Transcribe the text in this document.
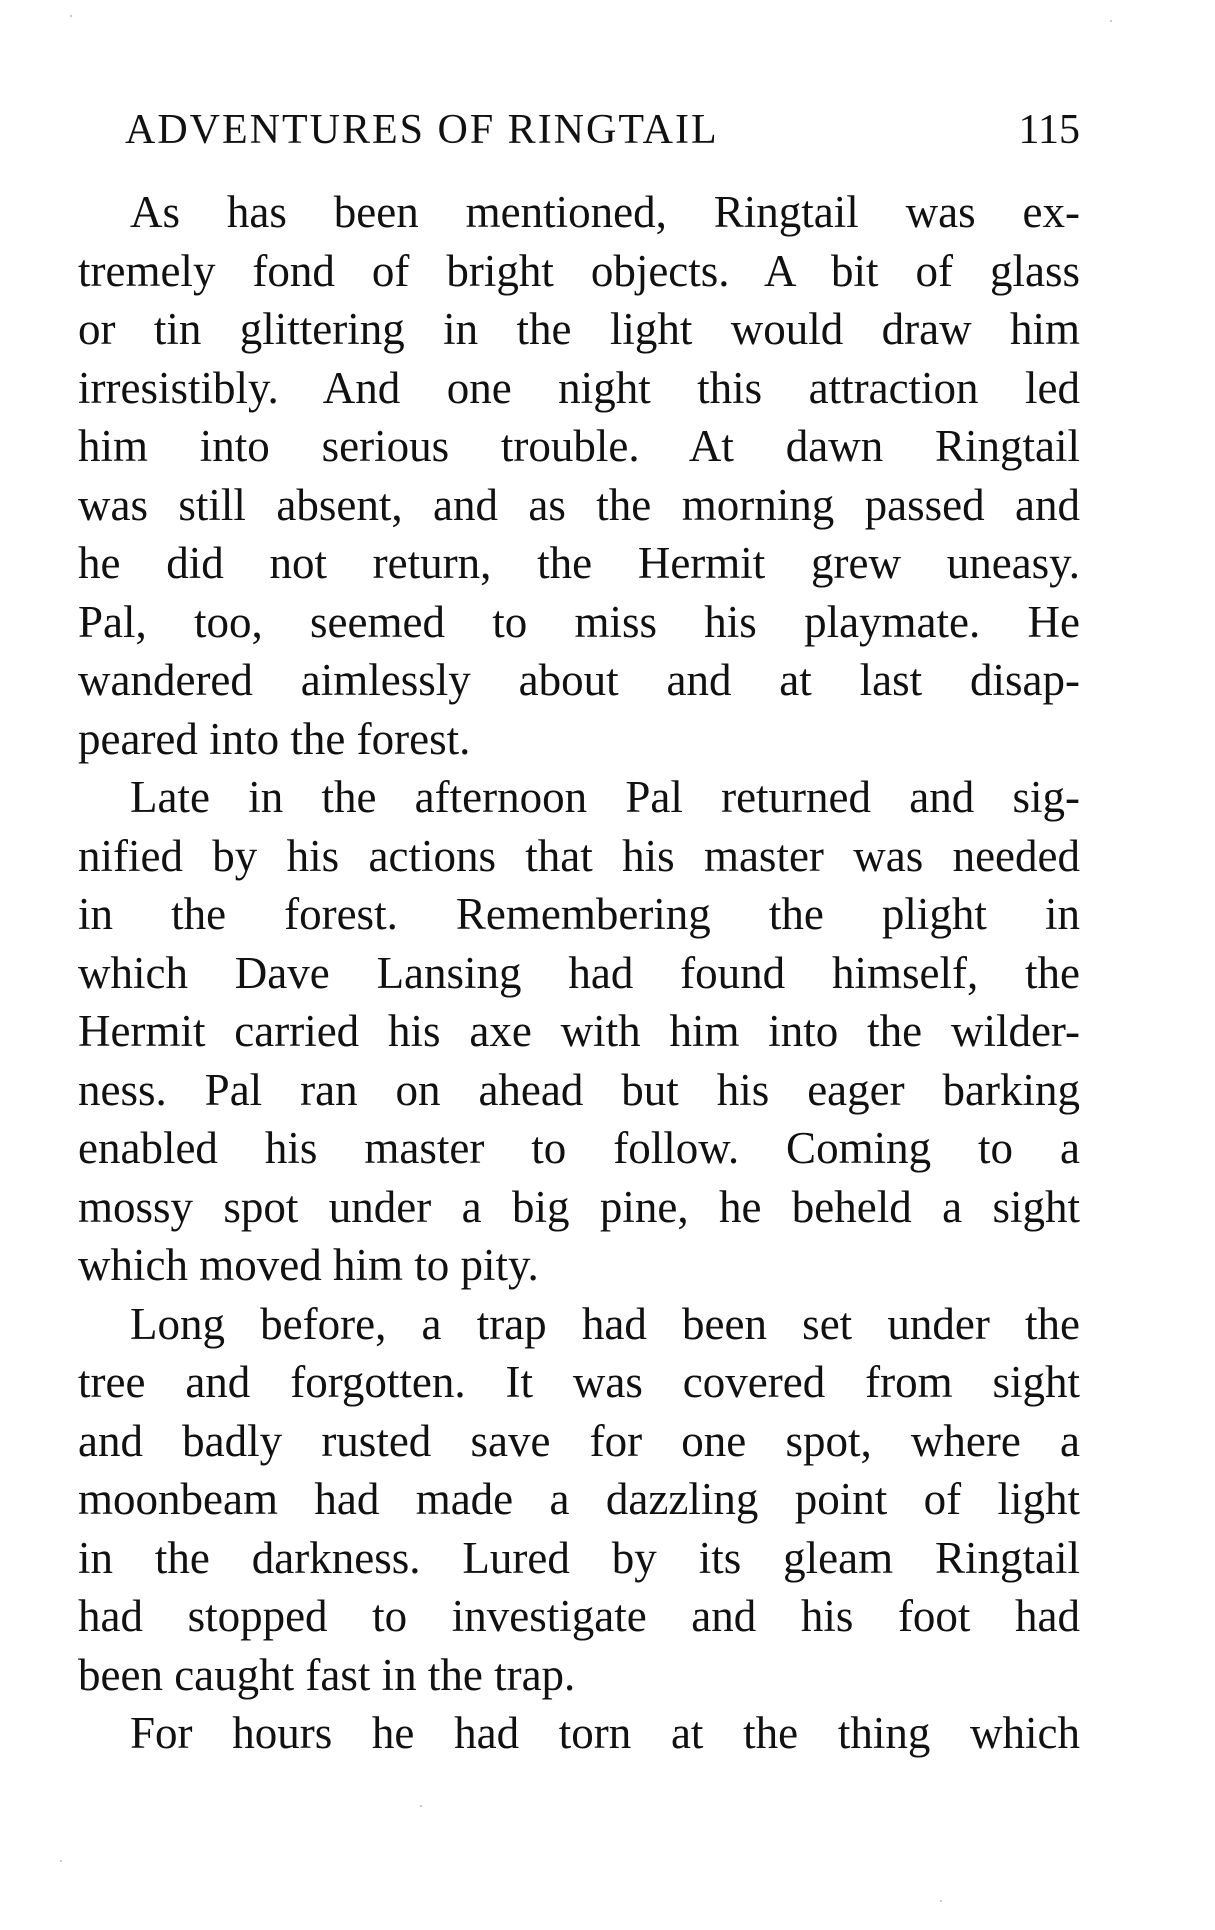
ADVENTURES OF RINGTAIL	115
As has been mentioned, Ringtail was ex-
tremely fond of bright objects. A bit of glass
or tin glittering in the light would draw him
irresistibly. And one night this attraction led
him into serious trouble. At dawn Ringtail
was still absent, and as the morning passed and
he did not return, the Hermit grew uneasy.
Pal, too, seemed to miss his playmate. He
wandered aimlessly about and at last disap-
peared into the forest.
Late in the afternoon Pal returned and sig-
nified by his actions that his master was needed
in the forest. Remembering the plight in
which Dave Lansing had found himself, the
Hermit carried his axe with him into the wilder-
ness. Pal ran on ahead but his eager barking
enabled his master to follow. Coming to a
mossy spot under a big pine, he beheld a sight
which moved him to pity.
Long before, a trap had been set under the
tree and forgotten. It was covered from sight
and badly rusted save for one spot, where a
moonbeam had made a dazzling point of light
in the darkness. Lured by its gleam Ringtail
had stopped to investigate and his foot had
been caught fast in the trap.
For hours he had torn at the thing which
